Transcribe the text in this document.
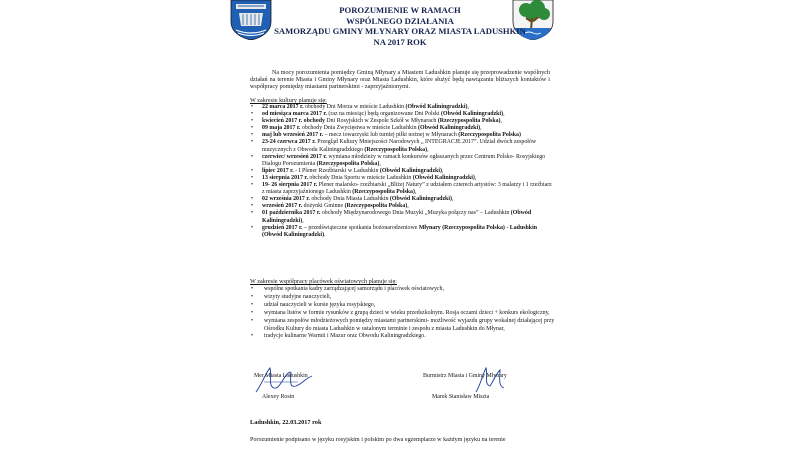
POROZUMIENIE W RAMACH
WSPÓLNEGO DZIAŁANIA
SAMORZĄDU GMINY MŁYNARY ORAZ MIASTA LADUSHKIN
NA 2017 ROK
Na mocy porozumienia pomiędzy Gminą Młynary a Miastem Ladushkin planuje się przeprowadzenie wspólnych działań na terenie Miasta i Gminy Młynary oraz Miasta Ladushkin, które służyć będą nawiązaniu bliższych kontaktów i współpracy pomiędzy miastami partnerskimi - zaprzyjaźnionymi.
W zakresie kultury planuje się:
• 22 marca 2017 r. obchody Dni Morza w mieście Ladushkin (Obwód Kaliningradzki),
• od miesiąca marca 2017 r. (raz na miesiąc) będą organizowane Dni Polski (Obwód Kaliningradzki),
• kwiecień 2017 r. obchody Dni Rosyjskich w Zespole Szkół w Młynarach (Rzeczypospolita Polska),
• 09 maja 2017 r. obchody Dnia Zwycięstwa w mieście Ladushkin (Obwód Kaliningradzki),
• maj lub wrzesień 2017 r. – mecz towarzyski lub turniej piłki nożnej w Młynarach (Rzeczypospolita Polska)
• 23-24 czerwca 2017 r. Przegląd Kultury Mniejszości Narodowych „ INTEGRACJE 2017”. Udział dwóch zespołów muzycznych z Obwodu Kaliningradzkiego (Rzeczypospolita Polska),
• czerwiec/ wrzesień 2017 r. wymiana młodzieży w ramach konkursów ogłaszanych przez Centrum Polsko- Rosyjskiego Dialogu Porozumienia (Rzeczypospolita Polska),
• lipiec 2017 r. - I Plener Rzeźbiarski w Ladushkin (Obwód Kaliningradzki),
• 13 sierpnia 2017 r. obchody Dnia Sportu w mieście Ladushkin (Obwód Kaliningradzki),
• 19- 26 sierpnia 2017 r. Plener malarsko- rzeźbiarski „Bliżej Natury” z udziałem czterech artystów: 3 malarzy i 1 rzeźbiarz z miasta zaprzyjaźnionego Ladushkin (Rzeczypospolita Polska),
• 02 września 2017 r. obchody Dnia Miasta Ladushkin (Obwód Kaliningradzki),
• wrzesień 2017 r. dożynki Gminne (Rzeczypospolita Polska),
• 01 października 2017 r. obchody Międzynarodowego Dnia Muzyki „Muzyka połączy nas” – Ladushkin (Obwód Kaliningradzki),
• grudzień 2017 r. – przedświąteczne spotkania bożonarodzeniowe Młynary (Rzeczypospolita Polska) - Ladushkin (Obwód Kaliningradzki).
W zakresie współpracy placówek oświatowych planuje się:
• wspólne spotkania kadry zarządzającej samorządu i placówek oświatowych,
• wizyty studyjne nauczycieli,
• udział nauczycieli w kursie języka rosyjskiego,
• wymiana listów w formie rysunków z grupą dzieci w wieku przedszkolnym. Rosja oczami dzieci + konkurs ekologiczny,
• wymiana zespołów młodzieżowych pomiędzy miastami partnerskimi- możliwość wyjazdu grupy wokalnej działającej przy Ośrodku Kultury do miasta Ladushkin w ustalonym terminie i zespołu z miasta Ladushkin do Młynar,
• tradycje kulinarne Warmii i Mazur oraz Obwodu Kaliningradzkiego.
Mer Miasta Ladushkin
Alexey Rosin
Burmistrz Miasta i Gminy Młynary
Marek Stanisław Miszta
Ladushkin, 22.03.2017 rok
Porozumienie podpisano w języku rosyjskim i polskim po dwa egzemplarze w każdym języku na terenie
